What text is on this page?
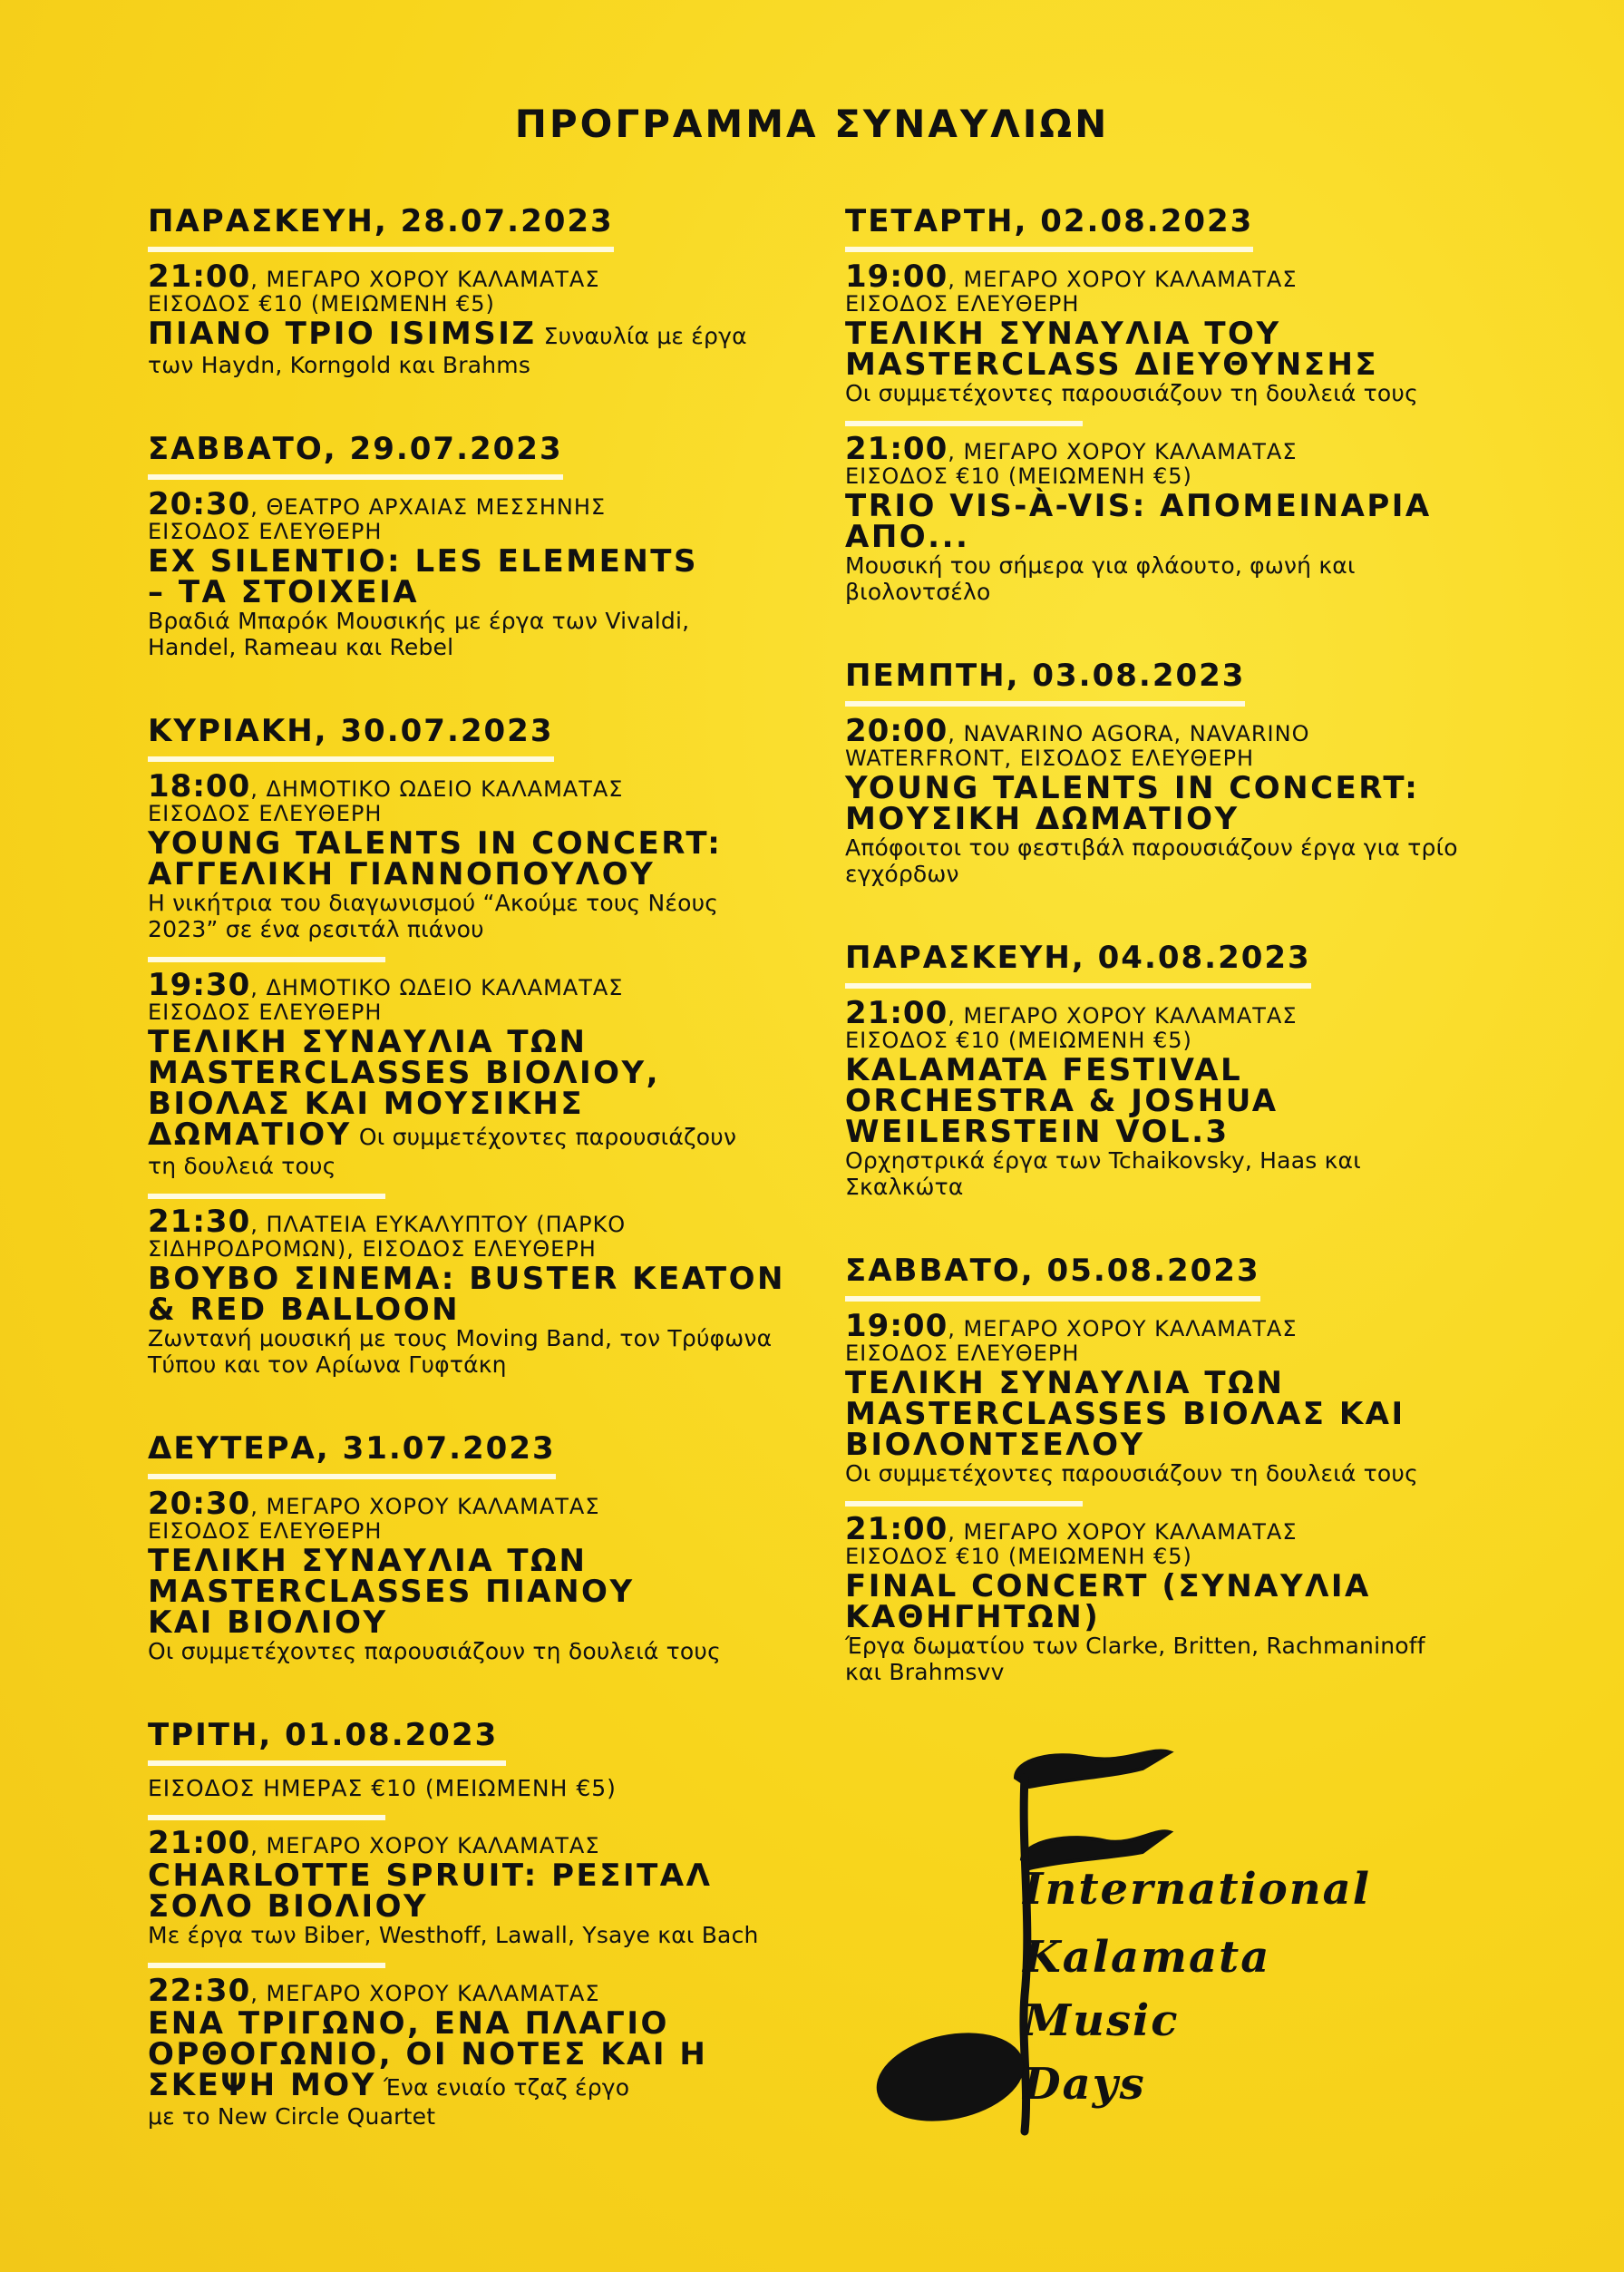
ΠΡΟΓΡΑΜΜΑ ΣΥΝΑΥΛΙΩΝ
ΠΑΡΑΣΚΕΥΗ, 28.07.2023
21:00, ΜΕΓΑΡΟ ΧΟΡΟΥ ΚΑΛΑΜΑΤΑΣ
ΕΙΣΟΔΟΣ €10 (ΜΕΙΩΜΕΝΗ €5)
ΠΙΑΝΟ ΤΡΙΟ ISIMSIZ Συναυλία με έργα
των Haydn, Korngold και Brahms
ΣΑΒΒΑΤΟ, 29.07.2023
20:30, ΘΕΑΤΡΟ ΑΡΧΑΙΑΣ ΜΕΣΣΗΝΗΣ
ΕΙΣΟΔΟΣ ΕΛΕΥΘΕΡΗ
EX SILENTIO: LES ELEMENTS – ΤΑ ΣΤΟΙΧΕΙΑ
Βραδιά Μπαρόκ Μουσικής με έργα των Vivaldi, Handel, Rameau και Rebel
ΚΥΡΙΑΚΗ, 30.07.2023
18:00, ΔΗΜΟΤΙΚΟ ΩΔΕΙΟ ΚΑΛΑΜΑΤΑΣ
ΕΙΣΟΔΟΣ ΕΛΕΥΘΕΡΗ
YOUNG TALENTS IN CONCERT: ΑΓΓΕΛΙΚΗ ΓΙΑΝΝΟΠΟΥΛΟΥ
Η νικήτρια του διαγωνισμού “Ακούμε τους Νέους 2023” σε ένα ρεσιτάλ πιάνου
19:30, ΔΗΜΟΤΙΚΟ ΩΔΕΙΟ ΚΑΛΑΜΑΤΑΣ
ΕΙΣΟΔΟΣ ΕΛΕΥΘΕΡΗ
ΤΕΛΙΚΗ ΣΥΝΑΥΛΙΑ ΤΩΝ MASTERCLASSES ΒΙΟΛΙΟΥ, ΒΙΟΛΑΣ ΚΑΙ ΜΟΥΣΙΚΗΣ ΔΩΜΑΤΙΟΥ Οι συμμετέχοντες παρουσιάζουν
τη δουλειά τους
21:30, ΠΛΑΤΕΙΑ ΕΥΚΑΛΥΠΤΟΥ (ΠΑΡΚΟ ΣΙΔΗΡΟΔΡΟΜΩΝ), ΕΙΣΟΔΟΣ ΕΛΕΥΘΕΡΗ
ΒΟΥΒΟ ΣΙΝΕΜΑ: BUSTER KEATON & RED BALLOON
Ζωντανή μουσική με τους Moving Band, τον Τρύφωνα Τύπου και τον Αρίωνα Γυφτάκη
ΔΕΥΤΕΡΑ, 31.07.2023
20:30, ΜΕΓΑΡΟ ΧΟΡΟΥ ΚΑΛΑΜΑΤΑΣ
ΕΙΣΟΔΟΣ ΕΛΕΥΘΕΡΗ
ΤΕΛΙΚΗ ΣΥΝΑΥΛΙΑ ΤΩΝ MASTERCLASSES ΠΙΑΝΟΥ ΚΑΙ ΒΙΟΛΙΟΥ
Οι συμμετέχοντες παρουσιάζουν τη δουλειά τους
ΤΡΙΤΗ, 01.08.2023
ΕΙΣΟΔΟΣ ΗΜΕΡΑΣ €10 (ΜΕΙΩΜΕΝΗ €5)
21:00, ΜΕΓΑΡΟ ΧΟΡΟΥ ΚΑΛΑΜΑΤΑΣ
CHARLOTTE SPRUIT: ΡΕΣΙΤΑΛ ΣΟΛΟ ΒΙΟΛΙΟΥ
Με έργα των Biber, Westhoff, Lawall, Ysaye και Bach
22:30, ΜΕΓΑΡΟ ΧΟΡΟΥ ΚΑΛΑΜΑΤΑΣ
ΕΝΑ ΤΡΙΓΩΝΟ, ΕΝΑ ΠΛΑΓΙΟ ΟΡΘΟΓΩΝΙΟ, ΟΙ ΝΟΤΕΣ ΚΑΙ Η ΣΚΕΨΗ ΜΟΥ Ένα ενιαίο τζαζ έργο
με το New Circle Quartet
ΤΕΤΑΡΤΗ, 02.08.2023
19:00, ΜΕΓΑΡΟ ΧΟΡΟΥ ΚΑΛΑΜΑΤΑΣ
ΕΙΣΟΔΟΣ ΕΛΕΥΘΕΡΗ
ΤΕΛΙΚΗ ΣΥΝΑΥΛΙΑ ΤΟΥ MASTERCLASS ΔΙΕΥΘΥΝΣΗΣ
Οι συμμετέχοντες παρουσιάζουν τη δουλειά τους
21:00, ΜΕΓΑΡΟ ΧΟΡΟΥ ΚΑΛΑΜΑΤΑΣ
ΕΙΣΟΔΟΣ €10 (ΜΕΙΩΜΕΝΗ €5)
TRIO VIS-À-VIS: ΑΠΟΜΕΙΝΑΡΙΑ ΑΠΟ...
Μουσική του σήμερα για φλάουτο, φωνή και βιολοντσέλο
ΠΕΜΠΤΗ, 03.08.2023
20:00, NAVARINO AGORA, NAVARINO WATERFRONT, ΕΙΣΟΔΟΣ ΕΛΕΥΘΕΡΗ
YOUNG TALENTS IN CONCERT: ΜΟΥΣΙΚΗ ΔΩΜΑΤΙΟΥ
Απόφοιτοι του φεστιβάλ παρουσιάζουν έργα για τρίο εγχόρδων
ΠΑΡΑΣΚΕΥΗ, 04.08.2023
21:00, ΜΕΓΑΡΟ ΧΟΡΟΥ ΚΑΛΑΜΑΤΑΣ
ΕΙΣΟΔΟΣ €10 (ΜΕΙΩΜΕΝΗ €5)
KALAMATA FESTIVAL ORCHESTRA & JOSHUA WEILERSTEIN VOL.3
Ορχηστρικά έργα των Tchaikovsky, Haas και Σκαλκώτα
ΣΑΒΒΑΤΟ, 05.08.2023
19:00, ΜΕΓΑΡΟ ΧΟΡΟΥ ΚΑΛΑΜΑΤΑΣ
ΕΙΣΟΔΟΣ ΕΛΕΥΘΕΡΗ
ΤΕΛΙΚΗ ΣΥΝΑΥΛΙΑ ΤΩΝ MASTERCLASSES ΒΙΟΛΑΣ ΚΑΙ ΒΙΟΛΟΝΤΣΕΛΟΥ
Οι συμμετέχοντες παρουσιάζουν τη δουλειά τους
21:00, ΜΕΓΑΡΟ ΧΟΡΟΥ ΚΑΛΑΜΑΤΑΣ
ΕΙΣΟΔΟΣ €10 (ΜΕΙΩΜΕΝΗ €5)
FINAL CONCERT (ΣΥΝΑΥΛΙΑ ΚΑΘΗΓΗΤΩΝ)
Έργα δωματίου των Clarke, Britten, Rachmaninoff και Brahmsvv
International
Kalamata
Music
Days
